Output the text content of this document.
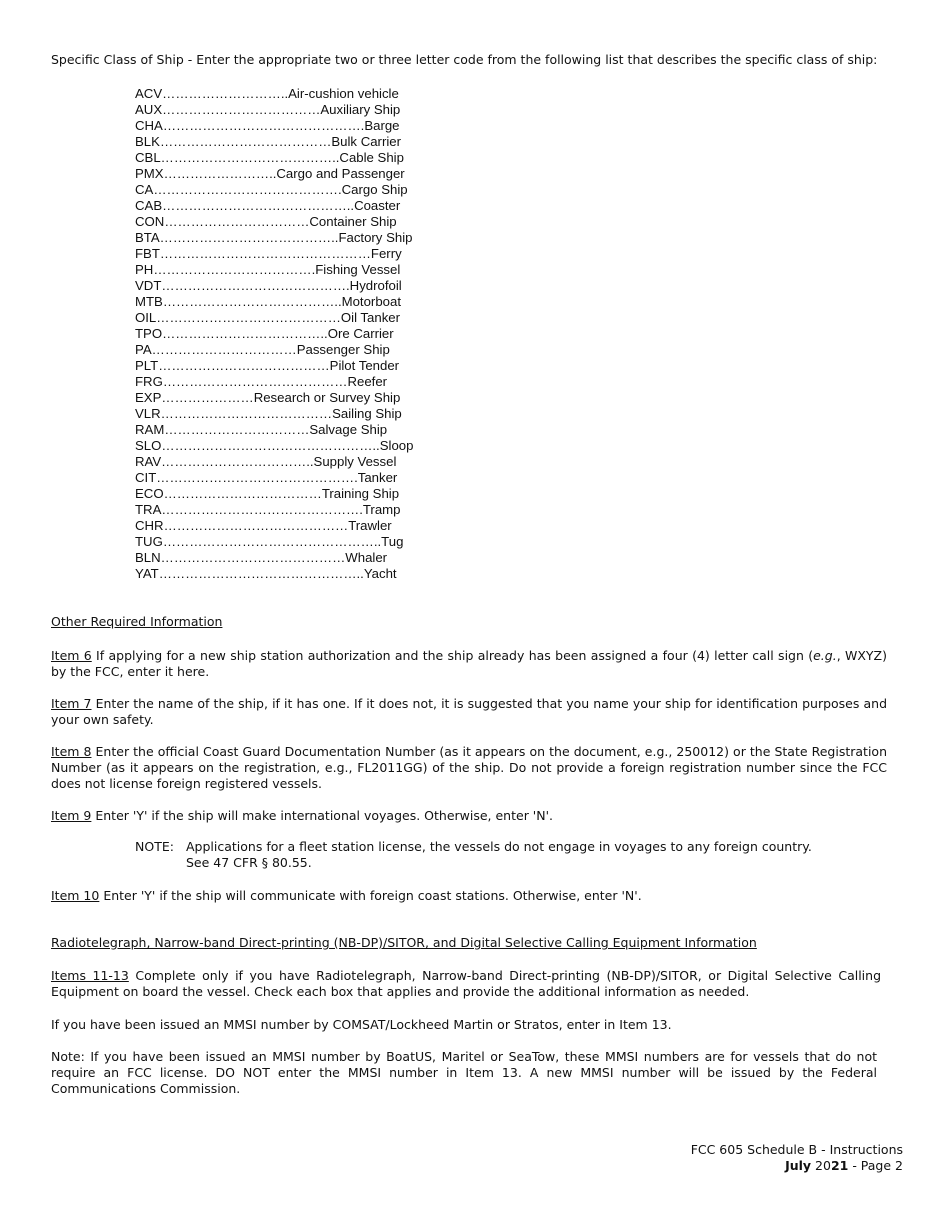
Specific Class of Ship - Enter the appropriate two or three letter code from the following list that describes the specific class of ship:
ACV………………………..Air-cushion vehicle
AUX………………………………Auxiliary Ship
CHA……………………………………….Barge
BLK…………………………………Bulk Carrier
CBL…………………………………..Cable Ship
PMX……………………..Cargo and Passenger
CA…………………………………….Cargo Ship
CAB……………………………………..Coaster
CON……………………………Container Ship
BTA…………………………………..Factory Ship
FBT…………………………………………Ferry
PH……………………………….Fishing Vessel
VDT…………………………………….Hydrofoil
MTB…………………………………..Motorboat
OIL……………………………………Oil Tanker
TPO………………………………..Ore Carrier
PA……………………………Passenger Ship
PLT…………………………………Pilot Tender
FRG……………………………………Reefer
EXP…………………Research or Survey Ship
VLR…………………………………Sailing Ship
RAM……………………………Salvage Ship
SLO…………………………………………..Sloop
RAV……………………………..Supply Vessel
CIT……………………………………….Tanker
ECO………………………………Training Ship
TRA……………………………………….Tramp
CHR……………………………………Trawler
TUG…………………………………………..Tug
BLN……………………………………Whaler
YAT………………………………………..Yacht
Other Required Information
Item 6 If applying for a new ship station authorization and the ship already has been assigned a four (4) letter call sign (e.g., WXYZ) by the FCC, enter it here.
Item 7 Enter the name of the ship, if it has one. If it does not, it is suggested that you name your ship for identification purposes and your own safety.
Item 8 Enter the official Coast Guard Documentation Number (as it appears on the document, e.g., 250012) or the State Registration Number (as it appears on the registration, e.g., FL2011GG) of the ship. Do not provide a foreign registration number since the FCC does not license foreign registered vessels.
Item 9 Enter 'Y' if the ship will make international voyages. Otherwise, enter 'N'.
NOTE: Applications for a fleet station license, the vessels do not engage in voyages to any foreign country.
See 47 CFR § 80.55.
Item 10 Enter 'Y' if the ship will communicate with foreign coast stations. Otherwise, enter 'N'.
Radiotelegraph, Narrow-band Direct-printing (NB-DP)/SITOR, and Digital Selective Calling Equipment Information
Items 11-13 Complete only if you have Radiotelegraph, Narrow-band Direct-printing (NB-DP)/SITOR, or Digital Selective Calling Equipment on board the vessel. Check each box that applies and provide the additional information as needed.
If you have been issued an MMSI number by COMSAT/Lockheed Martin or Stratos, enter in Item 13.
Note: If you have been issued an MMSI number by BoatUS, Maritel or SeaTow, these MMSI numbers are for vessels that do not require an FCC license. DO NOT enter the MMSI number in Item 13. A new MMSI number will be issued by the Federal Communications Commission.
FCC 605 Schedule B - Instructions
July 2021 - Page 2
